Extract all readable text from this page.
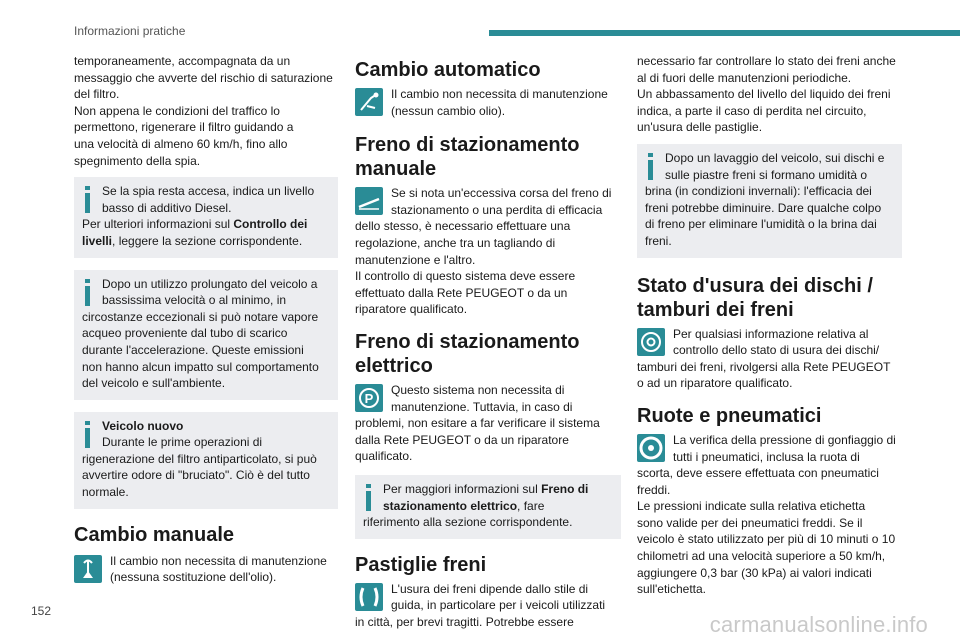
Informazioni pratiche
temporaneamente, accompagnata da un
messaggio che avverte del rischio di saturazione
del filtro.
Non appena le condizioni del traffico lo
permettono, rigenerare il filtro guidando a
una velocità di almeno 60 km/h, fino allo
spegnimento della spia.
Se la spia resta accesa, indica un livello
basso di additivo Diesel.
Per ulteriori informazioni sul Controllo dei
livelli, leggere la sezione corrispondente.
Dopo un utilizzo prolungato del veicolo a
bassissima velocità o al minimo, in
circostanze eccezionali si può notare vapore
acqueo proveniente dal tubo di scarico
durante l'accelerazione. Queste emissioni
non hanno alcun impatto sul comportamento
del veicolo e sull'ambiente.
Veicolo nuovo
Durante le prime operazioni di
rigenerazione del filtro antiparticolato, si può
avvertire odore di "bruciato". Ciò è del tutto
normale.
Cambio manuale
Il cambio non necessita di manutenzione
(nessuna sostituzione dell'olio).
Cambio automatico
Il cambio non necessita di manutenzione
(nessun cambio olio).
Freno di stazionamento
manuale
Se si nota un'eccessiva corsa del freno di
stazionamento o una perdita di efficacia
dello stesso, è necessario effettuare una
regolazione, anche tra un tagliando di
manutenzione e l'altro.
Il controllo di questo sistema deve essere
effettuato dalla Rete PEUGEOT o da un
riparatore qualificato.
Freno di stazionamento
elettrico
P
Questo sistema non necessita di
manutenzione. Tuttavia, in caso di
problemi, non esitare a far verificare il sistema
dalla Rete PEUGEOT o da un riparatore
qualificato.
Per maggiori informazioni sul Freno di
stazionamento elettrico, fare
riferimento alla sezione corrispondente.
Pastiglie freni
L'usura dei freni dipende dallo stile di
guida, in particolare per i veicoli utilizzati
in città, per brevi tragitti. Potrebbe essere
necessario far controllare lo stato dei freni anche
al di fuori delle manutenzioni periodiche.
Un abbassamento del livello del liquido dei freni
indica, a parte il caso di perdita nel circuito,
un'usura delle pastiglie.
Dopo un lavaggio del veicolo, sui dischi e
sulle piastre freni si formano umidità o
brina (in condizioni invernali): l'efficacia dei
freni potrebbe diminuire. Dare qualche colpo
di freno per eliminare l'umidità o la brina dai
freni.
Stato d'usura dei dischi /
tamburi dei freni
Per qualsiasi informazione relativa al
controllo dello stato di usura dei dischi/
tamburi dei freni, rivolgersi alla Rete PEUGEOT
o ad un riparatore qualificato.
Ruote e pneumatici
La verifica della pressione di gonfiaggio di
tutti i pneumatici, inclusa la ruota di
scorta, deve essere effettuata con pneumatici
freddi.
Le pressioni indicate sulla relativa etichetta
sono valide per dei pneumatici freddi. Se il
veicolo è stato utilizzato per più di 10 minuti o 10
chilometri ad una velocità superiore a 50 km/h,
aggiungere 0,3 bar (30 kPa) ai valori indicati
sull'etichetta.
152
carmanualsonline.info
